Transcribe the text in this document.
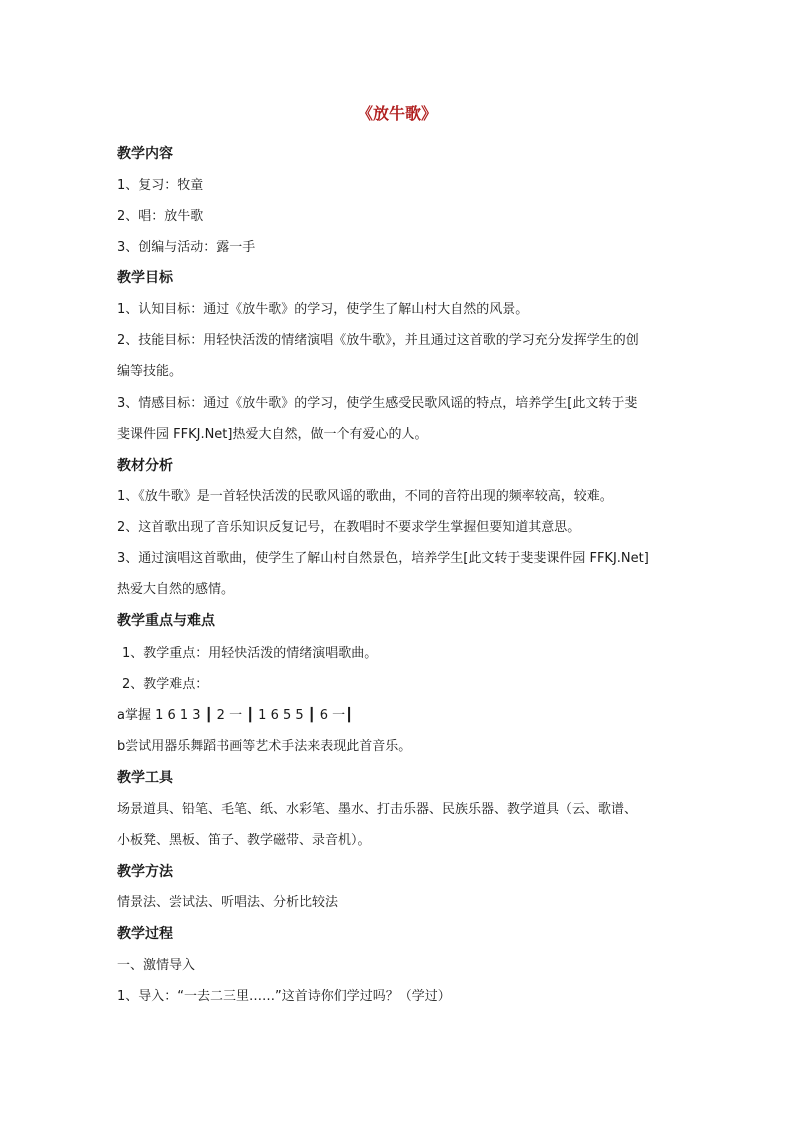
《放牛歌》
教学内容
1、复习：牧童
2、唱：放牛歌
3、创编与活动：露一手
教学目标
1、认知目标：通过《放牛歌》的学习，使学生了解山村大自然的风景。
2、技能目标：用轻快活泼的情绪演唱《放牛歌》，并且通过这首歌的学习充分发挥学生的创
编等技能。
3、情感目标：通过《放牛歌》的学习，使学生感受民歌风谣的特点，培养学生[此文转于斐
斐课件园 FFKJ.Net]热爱大自然，做一个有爱心的人。
教材分析
1、《放牛歌》是一首轻快活泼的民歌风谣的歌曲，不同的音符出现的频率较高，较难。
2、这首歌出现了音乐知识反复记号，在教唱时不要求学生掌握但要知道其意思。
3、通过演唱这首歌曲，使学生了解山村自然景色，培养学生[此文转于斐斐课件园 FFKJ.Net]
热爱大自然的感情。
教学重点与难点
1、教学重点：用轻快活泼的情绪演唱歌曲。
2、教学难点：
a掌握 1 6 1 3 ┃ 2 一 ┃ 1 6 5 5 ┃ 6 一┃
b尝试用器乐舞蹈书画等艺术手法来表现此首音乐。
教学工具
场景道具、铅笔、毛笔、纸、水彩笔、墨水、打击乐器、民族乐器、教学道具（云、歌谱、
小板凳、黑板、笛子、教学磁带、录音机）。
教学方法
情景法、尝试法、听唱法、分析比较法
教学过程
一、激情导入
1、导入：“一去二三里……”这首诗你们学过吗？（学过）
